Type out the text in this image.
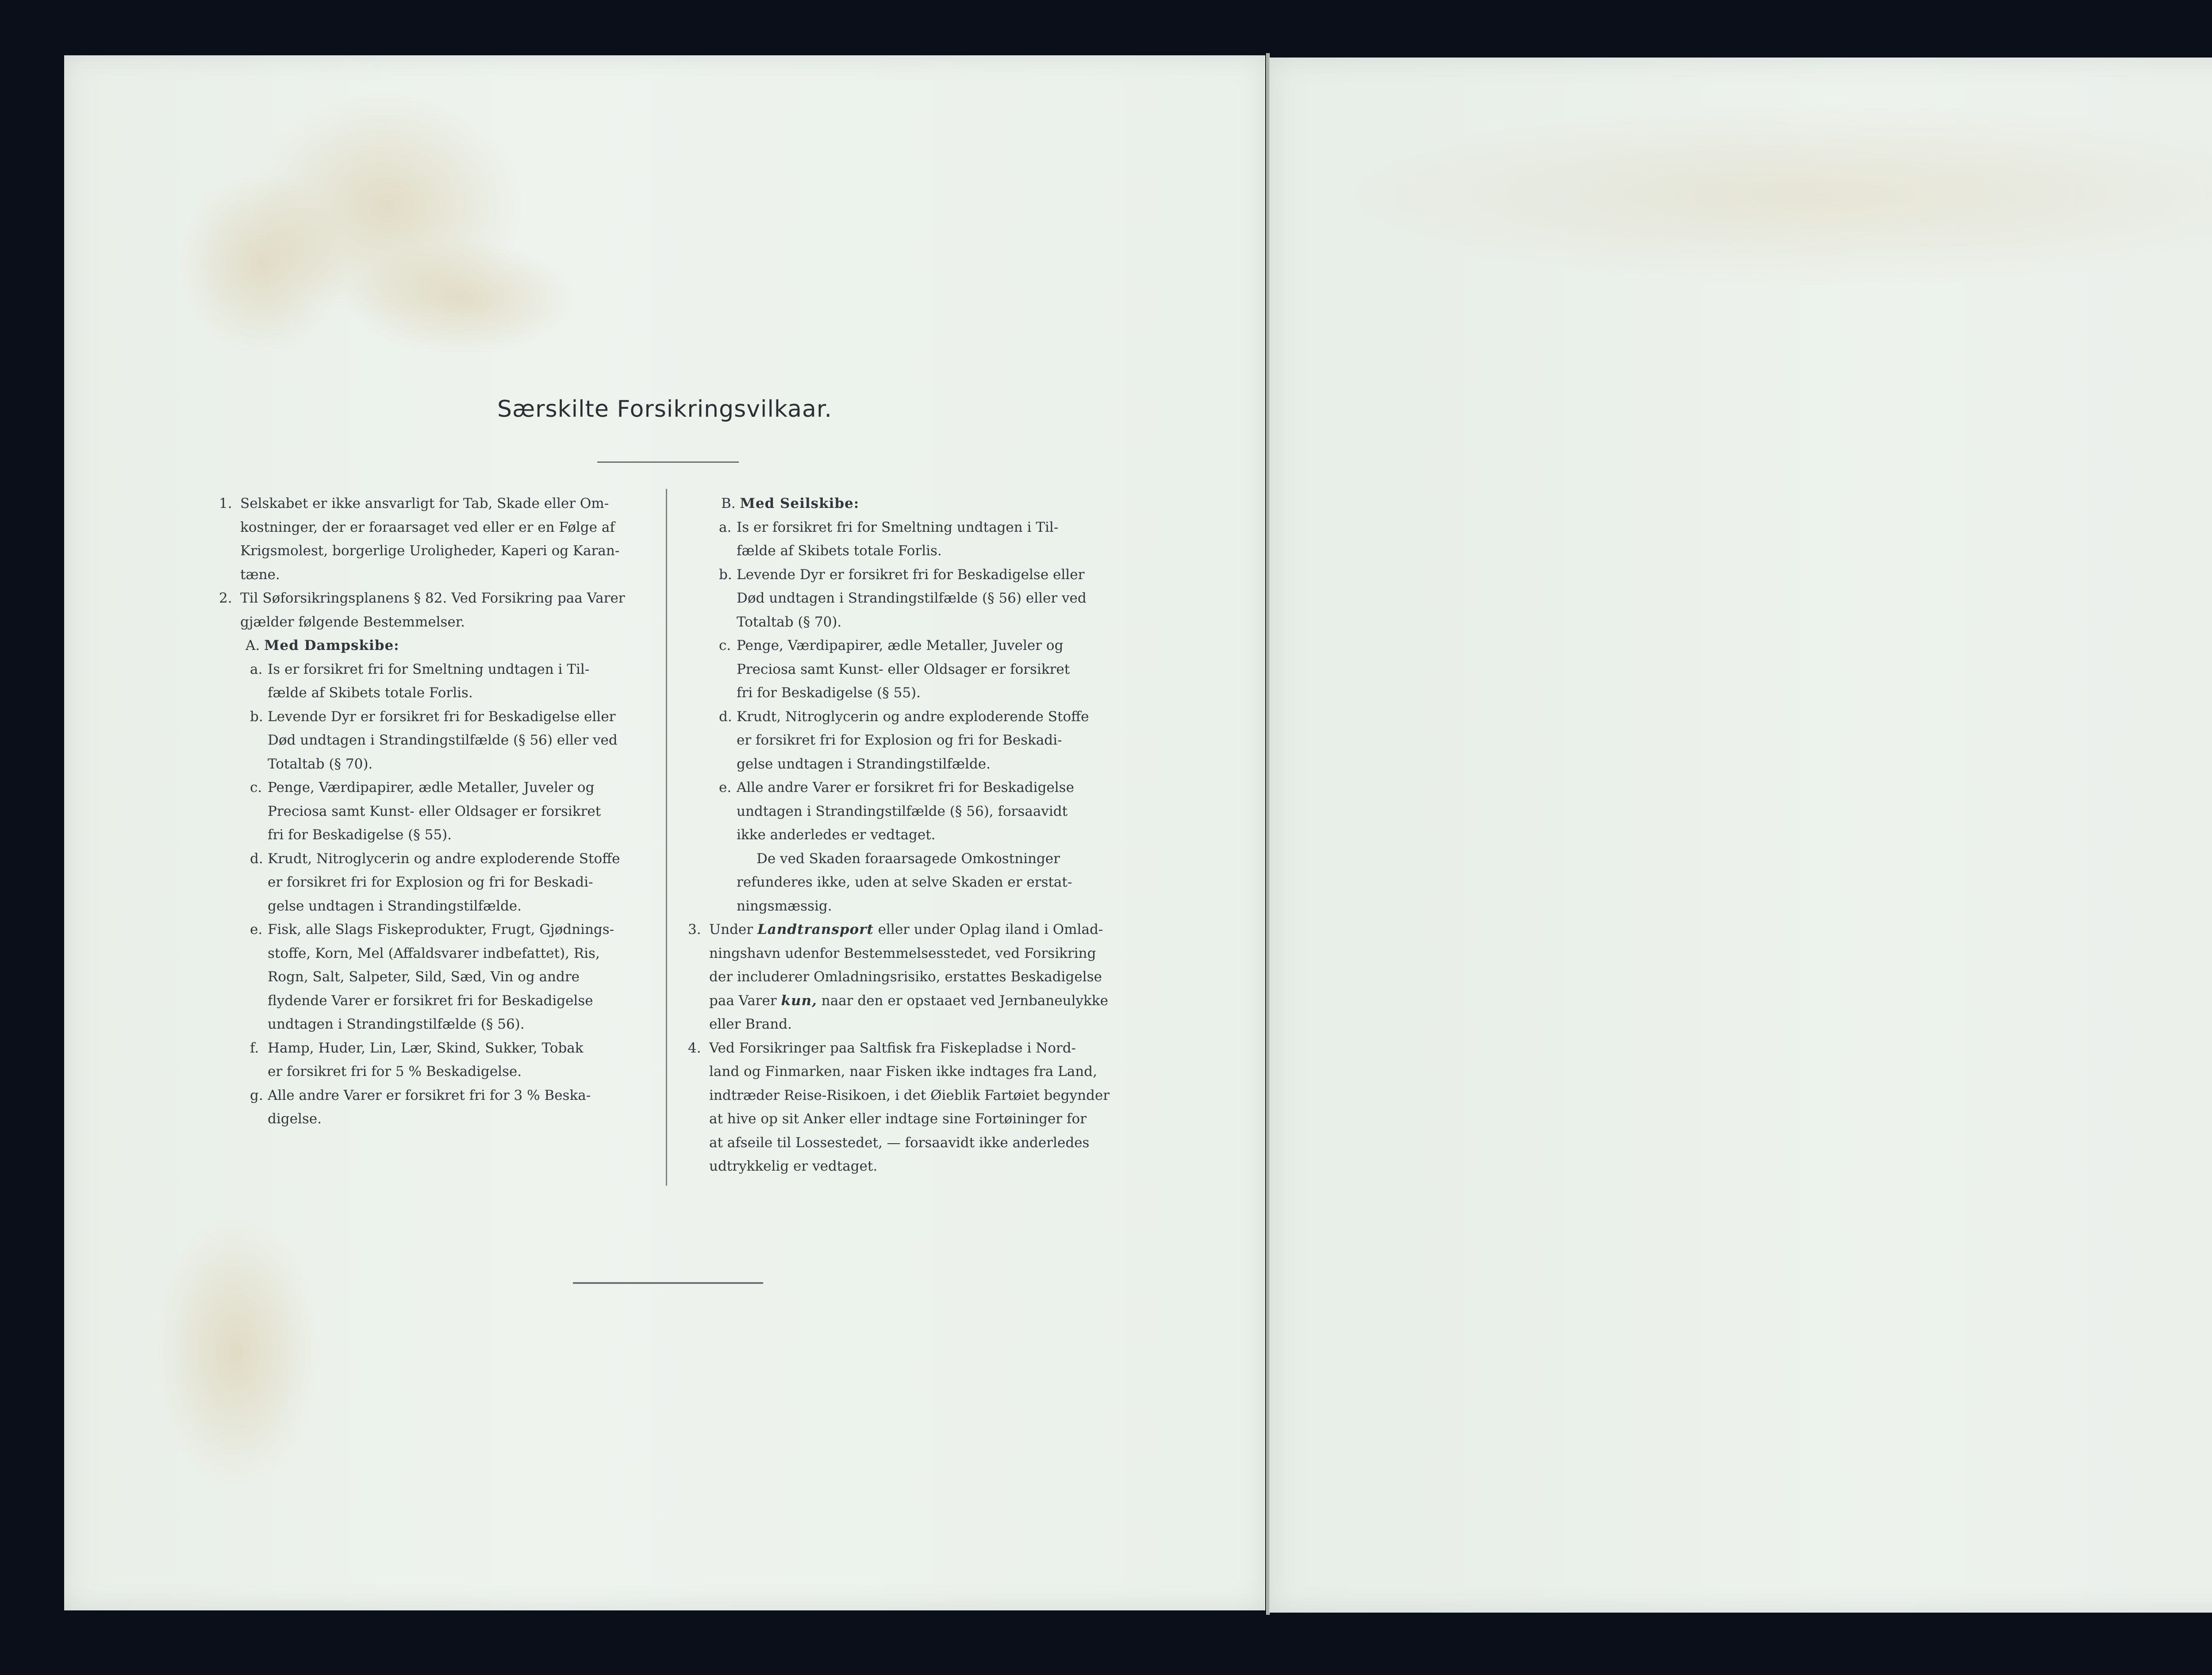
Særskilte Forsikringsvilkaar.
1. Selskabet er ikke ansvarligt for Tab, Skade eller Om-

kostninger, der er foraarsaget ved eller er en Følge af

Krigsmolest, borgerlige Uroligheder, Kaperi og Karan-

tæne.

2. Til Søforsikringsplanens § 82. Ved Forsikring paa Varer

gjælder følgende Bestemmelser.

A. Med Dampskibe:

a. Is er forsikret fri for Smeltning undtagen i Til-

fælde af Skibets totale Forlis.

b. Levende Dyr er forsikret fri for Beskadigelse eller

Død undtagen i Strandingstilfælde (§ 56) eller ved

Totaltab (§ 70).

c. Penge, Værdipapirer, ædle Metaller, Juveler og

Preciosa samt Kunst- eller Oldsager er forsikret

fri for Beskadigelse (§ 55).

d. Krudt, Nitroglycerin og andre exploderende Stoffe

er forsikret fri for Explosion og fri for Beskadi-

gelse undtagen i Strandingstilfælde.

e. Fisk, alle Slags Fiskeprodukter, Frugt, Gjødnings-

stoffe, Korn, Mel (Affaldsvarer indbefattet), Ris,

Rogn, Salt, Salpeter, Sild, Sæd, Vin og andre

flydende Varer er forsikret fri for Beskadigelse

undtagen i Strandingstilfælde (§ 56).

f. Hamp, Huder, Lin, Lær, Skind, Sukker, Tobak

er forsikret fri for 5 % Beskadigelse.

g. Alle andre Varer er forsikret fri for 3 % Beska-

digelse.

B. Med Seilskibe:

a. Is er forsikret fri for Smeltning undtagen i Til-

fælde af Skibets totale Forlis.

b. Levende Dyr er forsikret fri for Beskadigelse eller

Død undtagen i Strandingstilfælde (§ 56) eller ved

Totaltab (§ 70).

c. Penge, Værdipapirer, ædle Metaller, Juveler og

Preciosa samt Kunst- eller Oldsager er forsikret

fri for Beskadigelse (§ 55).

d. Krudt, Nitroglycerin og andre exploderende Stoffe

er forsikret fri for Explosion og fri for Beskadi-

gelse undtagen i Strandingstilfælde.

e. Alle andre Varer er forsikret fri for Beskadigelse

undtagen i Strandingstilfælde (§ 56), forsaavidt

ikke anderledes er vedtaget.

De ved Skaden foraarsagede Omkostninger

refunderes ikke, uden at selve Skaden er erstat-

ningsmæssig.

3. Under Landtransport eller under Oplag iland i Omlad-

ningshavn udenfor Bestemmelsesstedet, ved Forsikring

der includerer Omladningsrisiko, erstattes Beskadigelse

paa Varer kun, naar den er opstaaet ved Jernbaneulykke

eller Brand.

4. Ved Forsikringer paa Saltfisk fra Fiskepladse i Nord-

land og Finmarken, naar Fisken ikke indtages fra Land,

indtræder Reise-Risikoen, i det Øieblik Fartøiet begynder

at hive op sit Anker eller indtage sine Fortøininger for

at afseile til Lossestedet, — forsaavidt ikke anderledes

udtrykkelig er vedtaget.
